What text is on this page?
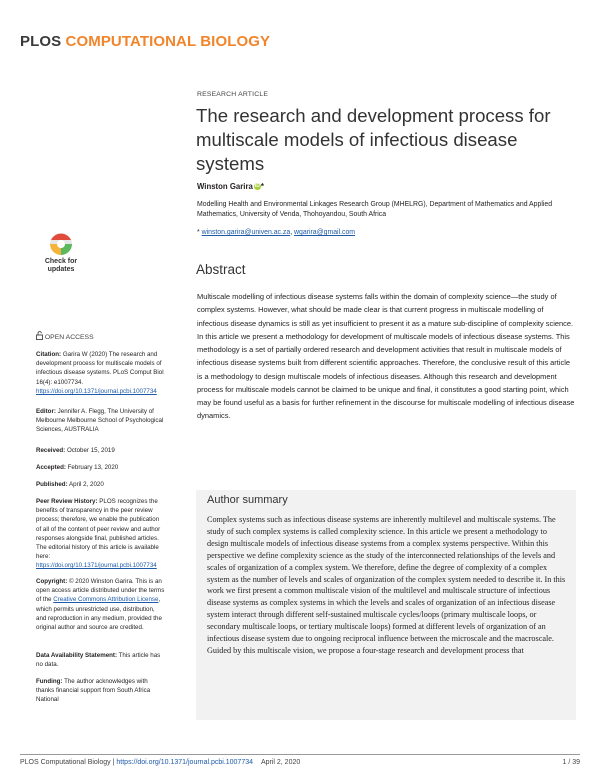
PLOS COMPUTATIONAL BIOLOGY
Check for
updates
OPEN ACCESS
Citation: Garira W (2020) The research and development process for multiscale models of infectious disease systems. PLoS Comput Biol 16(4): e1007734. https://doi.org/10.1371/journal.pcbi.1007734
Editor: Jennifer A. Flegg, The University of Melbourne Melbourne School of Psychological Sciences, AUSTRALIA
Received: October 15, 2019
Accepted: February 13, 2020
Published: April 2, 2020
Peer Review History: PLOS recognizes the benefits of transparency in the peer review process; therefore, we enable the publication of all of the content of peer review and author responses alongside final, published articles. The editorial history of this article is available here: https://doi.org/10.1371/journal.pcbi.1007734
Copyright: © 2020 Winston Garira. This is an open access article distributed under the terms of the Creative Commons Attribution License, which permits unrestricted use, distribution, and reproduction in any medium, provided the original author and source are credited.
Data Availability Statement: This article has no data.
Funding: The author acknowledges with thanks financial support from South Africa National
RESEARCH ARTICLE
The research and development process for multiscale models of infectious disease systems
Winston Garira iD*
Modelling Health and Environmental Linkages Research Group (MHELRG), Department of Mathematics and Applied Mathematics, University of Venda, Thohoyandou, South Africa
* winston.garira@univen.ac.za, wgarira@gmail.com
Abstract

Multiscale modelling of infectious disease systems falls within the domain of complexity science—the study of complex systems. However, what should be made clear is that current progress in multiscale modelling of infectious disease dynamics is still as yet insufficient to present it as a mature sub-discipline of complexity science. In this article we present a methodology for development of multiscale models of infectious disease systems. This methodology is a set of partially ordered research and development activities that result in multiscale models of infectious disease systems built from different scientific approaches. Therefore, the conclusive result of this article is a methodology to design multiscale models of infectious diseases. Although this research and development process for multiscale models cannot be claimed to be unique and final, it constitutes a good starting point, which may be found useful as a basis for further refinement in the discourse for multiscale modelling of infectious disease dynamics.

Author summary

Complex systems such as infectious disease systems are inherently multilevel and multiscale systems. The study of such complex systems is called complexity science. In this article we present a methodology to design multiscale models of infectious disease systems from a complex systems perspective. Within this perspective we define complexity science as the study of the interconnected relationships of the levels and scales of organization of a complex system. We therefore, define the degree of complexity of a complex system as the number of levels and scales of organization of the complex system needed to describe it. In this work we first present a common multiscale vision of the multilevel and multiscale structure of infectious disease systems as complex systems in which the levels and scales of organization of an infectious disease system interact through different self-sustained multiscale cycles/loops (primary multiscale loops, or secondary multiscale loops, or tertiary multiscale loops) formed at different levels of organization of an infectious disease system due to ongoing reciprocal influence between the microscale and the macroscale. Guided by this multiscale vision, we propose a four-stage research and development process that

PLOS Computational Biology | https://doi.org/10.1371/journal.pcbi.1007734 April 2, 2020	1 / 39
